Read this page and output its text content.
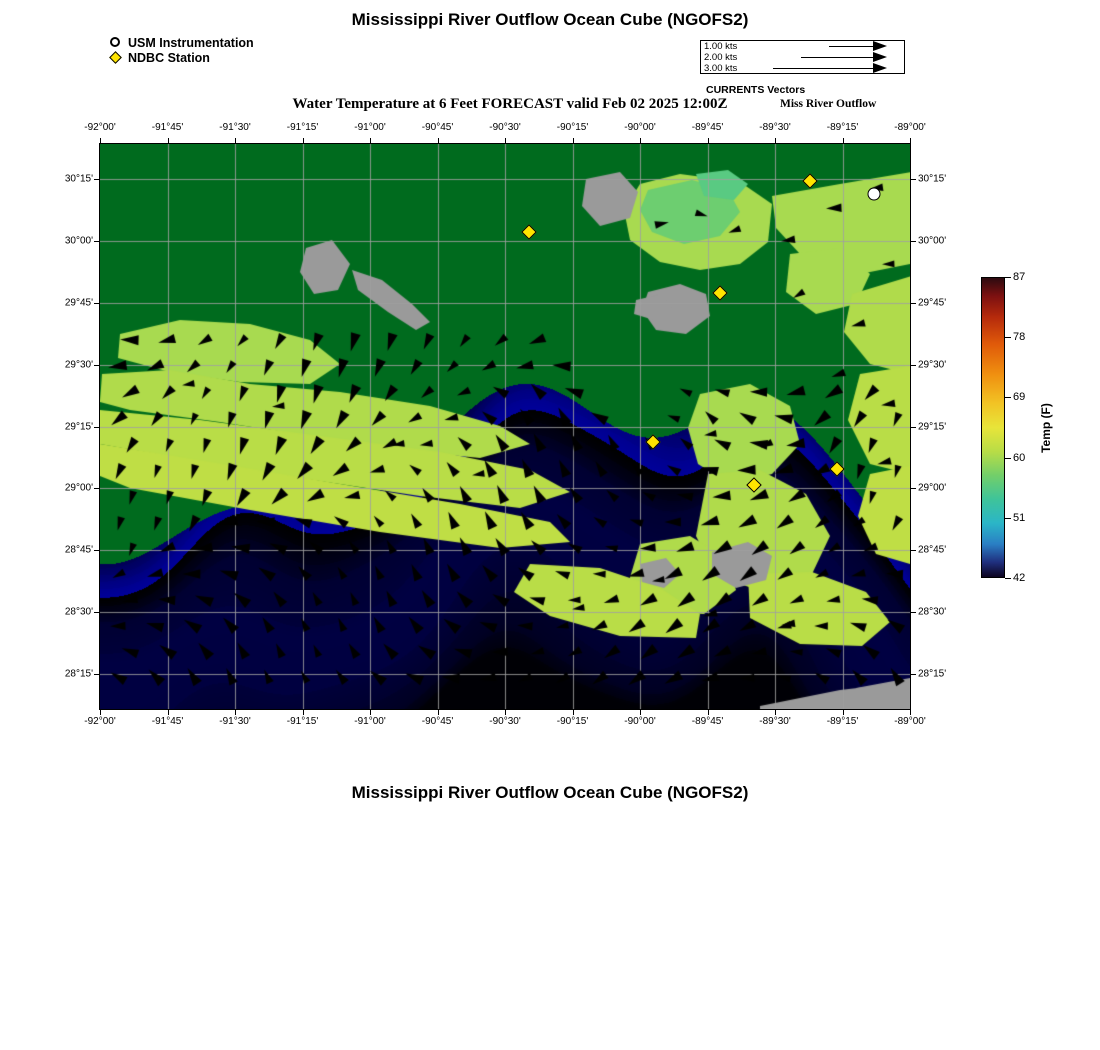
Mississippi River Outflow Ocean Cube (NGOFS2)
Water Temperature at 6 Feet FORECAST valid Feb 02 2025 12:00Z	Miss River Outflow
Mississippi River Outflow Ocean Cube (NGOFS2)
USM Instrumentation
NDBC Station
1.00 kts
2.00 kts
3.00 kts
CURRENTS Vectors
-92°00'
-92°00'
-91°45'
-91°45'
-91°30'
-91°30'
-91°15'
-91°15'
-91°00'
-91°00'
-90°45'
-90°45'
-90°30'
-90°30'
-90°15'
-90°15'
-90°00'
-90°00'
-89°45'
-89°45'
-89°30'
-89°30'
-89°15'
-89°15'
-89°00'
-89°00'
30°15'	30°15'
30°00'	30°00'
29°45'	29°45'
29°30'	29°30'
29°15'	29°15'
29°00'	29°00'
28°45'	28°45'
28°30'	28°30'
28°15'	28°15'
42
51
60
69
78
87
Temp (F)
